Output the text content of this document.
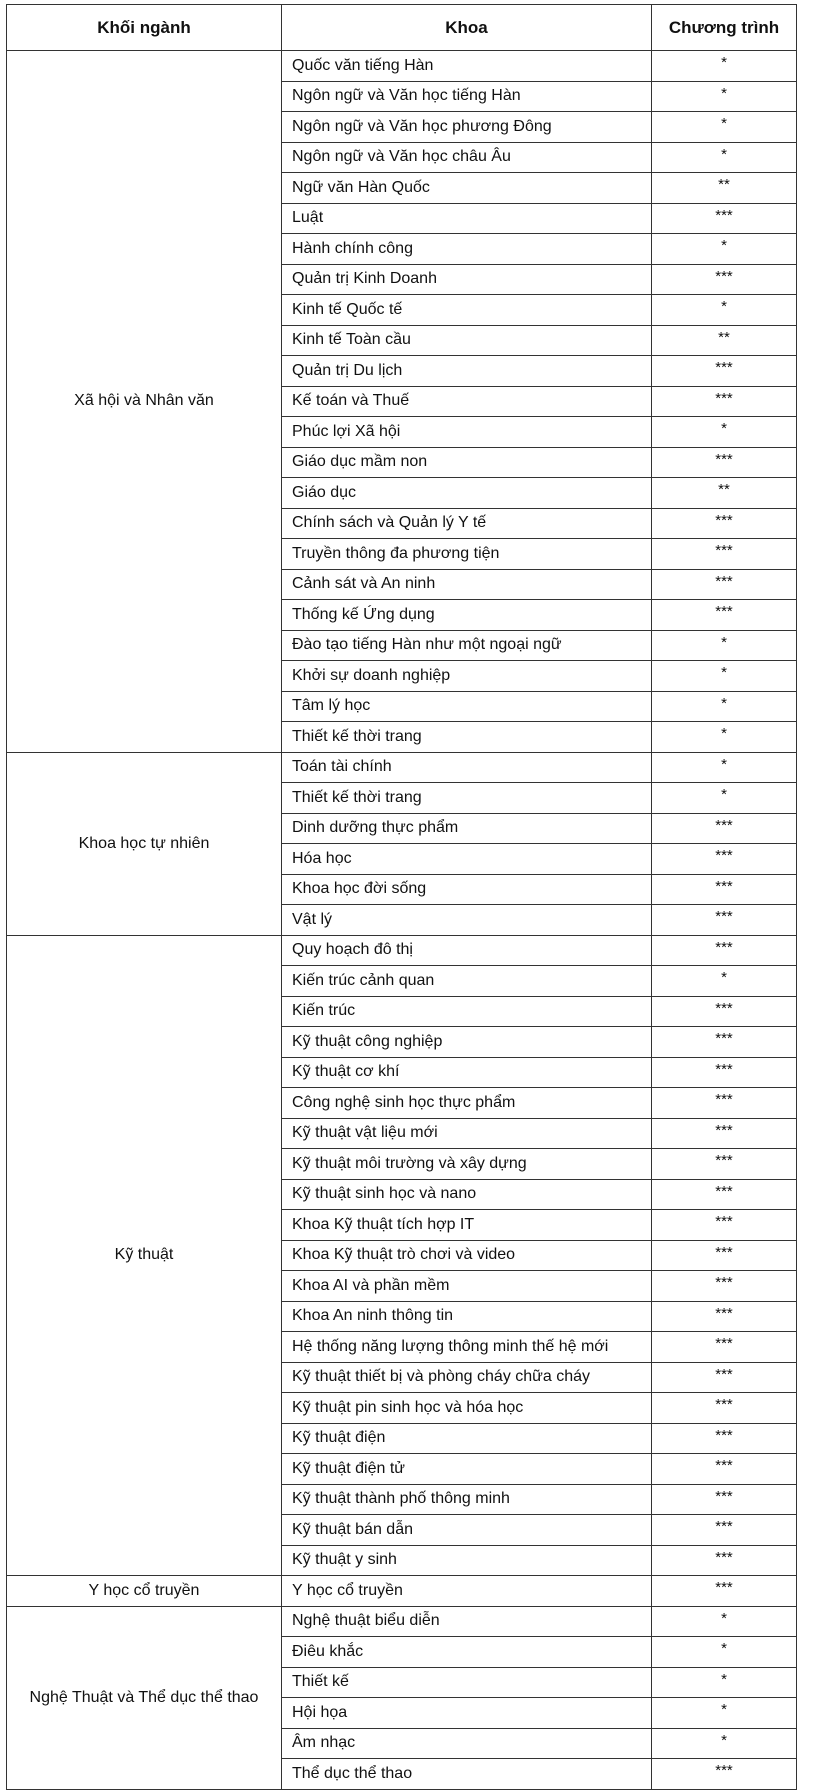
Khối ngành	Khoa	Chương trình
Xã hội và Nhân văn	Quốc văn tiếng Hàn	*
	Ngôn ngữ và Văn học tiếng Hàn	*
	Ngôn ngữ và Văn học phương Đông	*
	Ngôn ngữ và Văn học châu Âu	*
	Ngữ văn Hàn Quốc	**
	Luật	***
	Hành chính công	*
	Quản trị Kinh Doanh	***
	Kinh tế Quốc tế	*
	Kinh tế Toàn cầu	**
	Quản trị Du lịch	***
	Kế toán và Thuế	***
	Phúc lợi Xã hội	*
	Giáo dục mầm non	***
	Giáo dục	**
	Chính sách và Quản lý Y tế	***
	Truyền thông đa phương tiện	***
	Cảnh sát và An ninh	***
	Thống kế Ứng dụng	***
	Đào tạo tiếng Hàn như một ngoại ngữ	*
	Khởi sự doanh nghiệp	*
	Tâm lý học	*
	Thiết kế thời trang	*
Khoa học tự nhiên	Toán tài chính	*
	Thiết kế thời trang	*
	Dinh dưỡng thực phẩm	***
	Hóa học	***
	Khoa học đời sống	***
	Vật lý	***
Kỹ thuật	Quy hoạch đô thị	***
	Kiến trúc cảnh quan	*
	Kiến trúc	***
	Kỹ thuật công nghiệp	***
	Kỹ thuật cơ khí	***
	Công nghệ sinh học thực phẩm	***
	Kỹ thuật vật liệu mới	***
	Kỹ thuật môi trường và xây dựng	***
	Kỹ thuật sinh học và nano	***
	Khoa Kỹ thuật tích hợp IT	***
	Khoa Kỹ thuật trò chơi và video	***
	Khoa AI và phần mềm	***
	Khoa An ninh thông tin	***
	Hệ thống năng lượng thông minh thế hệ mới	***
	Kỹ thuật thiết bị và phòng cháy chữa cháy	***
	Kỹ thuật pin sinh học và hóa học	***
	Kỹ thuật điện	***
	Kỹ thuật điện tử	***
	Kỹ thuật thành phố thông minh	***
	Kỹ thuật bán dẫn	***
	Kỹ thuật y sinh	***
Y học cổ truyền	Y học cổ truyền	***
Nghệ Thuật và Thể dục thể thao	Nghệ thuật biểu diễn	*
	Điêu khắc	*
	Thiết kế	*
	Hội họa	*
	Âm nhạc	*
	Thể dục thể thao	***
